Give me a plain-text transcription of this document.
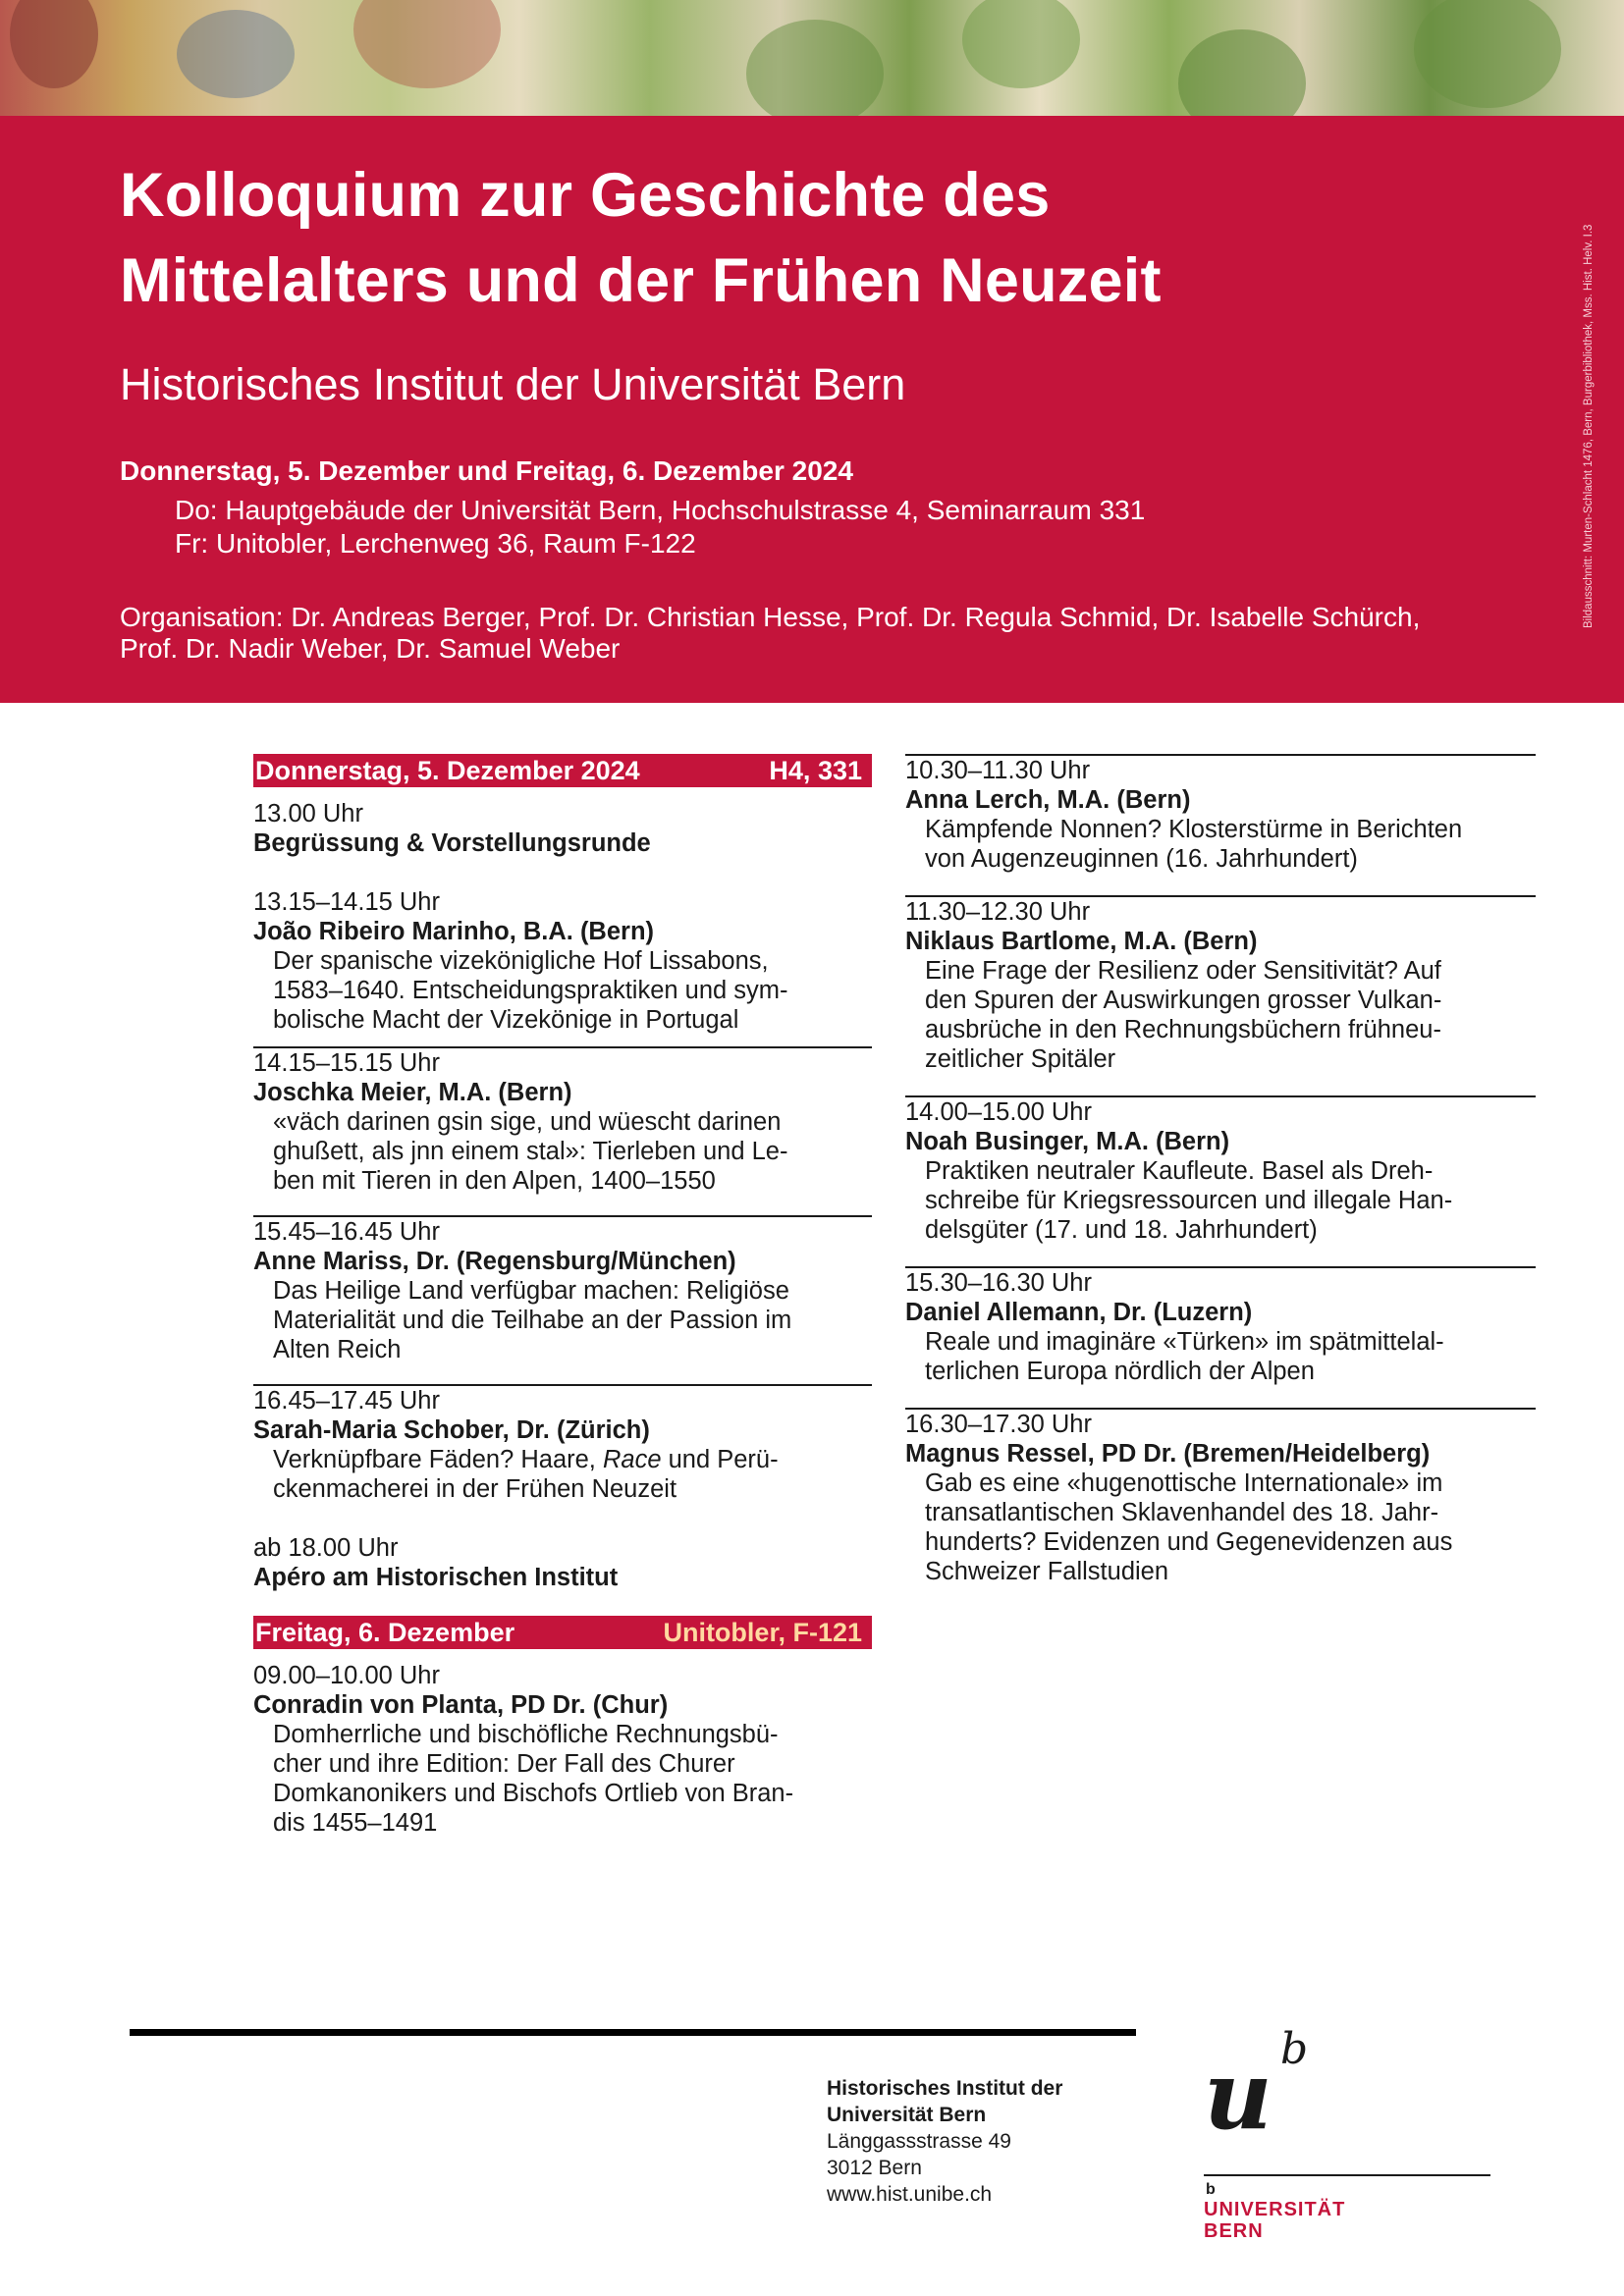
Kolloquium zur Geschichte des
Mittelalters und der Frühen Neuzeit
Historisches Institut der Universität Bern

Donnerstag, 5. Dezember und Freitag, 6. Dezember 2024

Do: Hauptgebäude der Universität Bern, Hochschulstrasse 4, Seminarraum 331
Fr: Unitobler, Lerchenweg 36, Raum F-122
Organisation: Dr. Andreas Berger, Prof. Dr. Christian Hesse, Prof. Dr. Regula Schmid, Dr. Isabelle Schürch,
Prof. Dr. Nadir Weber, Dr. Samuel Weber
Bildausschnitt: Murten-Schlacht 1476, Bern, Burgerbibliothek, Mss. Hist. Helv. I.3
Donnerstag, 5. Dezember 2024	H4, 331

13.00 Uhr

Begrüssung & Vorstellungsrunde

13.15–14.15 Uhr

João Ribeiro Marinho, B.A. (Bern)

Der spanische vizekönigliche Hof Lissabons,
1583–1640. Entscheidungspraktiken und sym-
bolische Macht der Vizekönige in Portugal

14.15–15.15 Uhr

Joschka Meier, M.A. (Bern)

«väch darinen gsin sige, und wüescht darinen
ghußett, als jnn einem stal»: Tierleben und Le-
ben mit Tieren in den Alpen, 1400–1550

15.45–16.45 Uhr

Anne Mariss, Dr. (Regensburg/München)

Das Heilige Land verfügbar machen: Religiöse
Materialität und die Teilhabe an der Passion im
Alten Reich

16.45–17.45 Uhr

Sarah-Maria Schober, Dr. (Zürich)

Verknüpfbare Fäden? Haare, Race und Perü-
ckenmacherei in der Frühen Neuzeit

ab 18.00 Uhr

Apéro am Historischen Institut

Freitag, 6. Dezember	Unitobler, F-121

09.00–10.00 Uhr

Conradin von Planta, PD Dr. (Chur)

Domherrliche und bischöfliche Rechnungsbü-
cher und ihre Edition: Der Fall des Churer
Domkanonikers und Bischofs Ortlieb von Bran-
dis 1455–1491

10.30–11.30 Uhr

Anna Lerch, M.A. (Bern)

Kämpfende Nonnen? Klosterstürme in Berichten
von Augenzeuginnen (16. Jahrhundert)

11.30–12.30 Uhr

Niklaus Bartlome, M.A. (Bern)

Eine Frage der Resilienz oder Sensitivität? Auf
den Spuren der Auswirkungen grosser Vulkan-
ausbrüche in den Rechnungsbüchern frühneu-
zeitlicher Spitäler

14.00–15.00 Uhr

Noah Businger, M.A. (Bern)

Praktiken neutraler Kaufleute. Basel als Dreh-
schreibe für Kriegsressourcen und illegale Han-
delsgüter (17. und 18. Jahrhundert)

15.30–16.30 Uhr

Daniel Allemann, Dr. (Luzern)

Reale und imaginäre «Türken» im spätmittelal-
terlichen Europa nördlich der Alpen

16.30–17.30 Uhr

Magnus Ressel, PD Dr. (Bremen/Heidelberg)

Gab es eine «hugenottische Internationale» im
transatlantischen Sklavenhandel des 18. Jahr-
hunderts? Evidenzen und Gegenevidenzen aus
Schweizer Fallstudien

Historisches Institut der
Universität Bern
Länggassstrasse 49
3012 Bern
www.hist.unibe.ch
u b
b
UNIVERSITÄT
BERN
